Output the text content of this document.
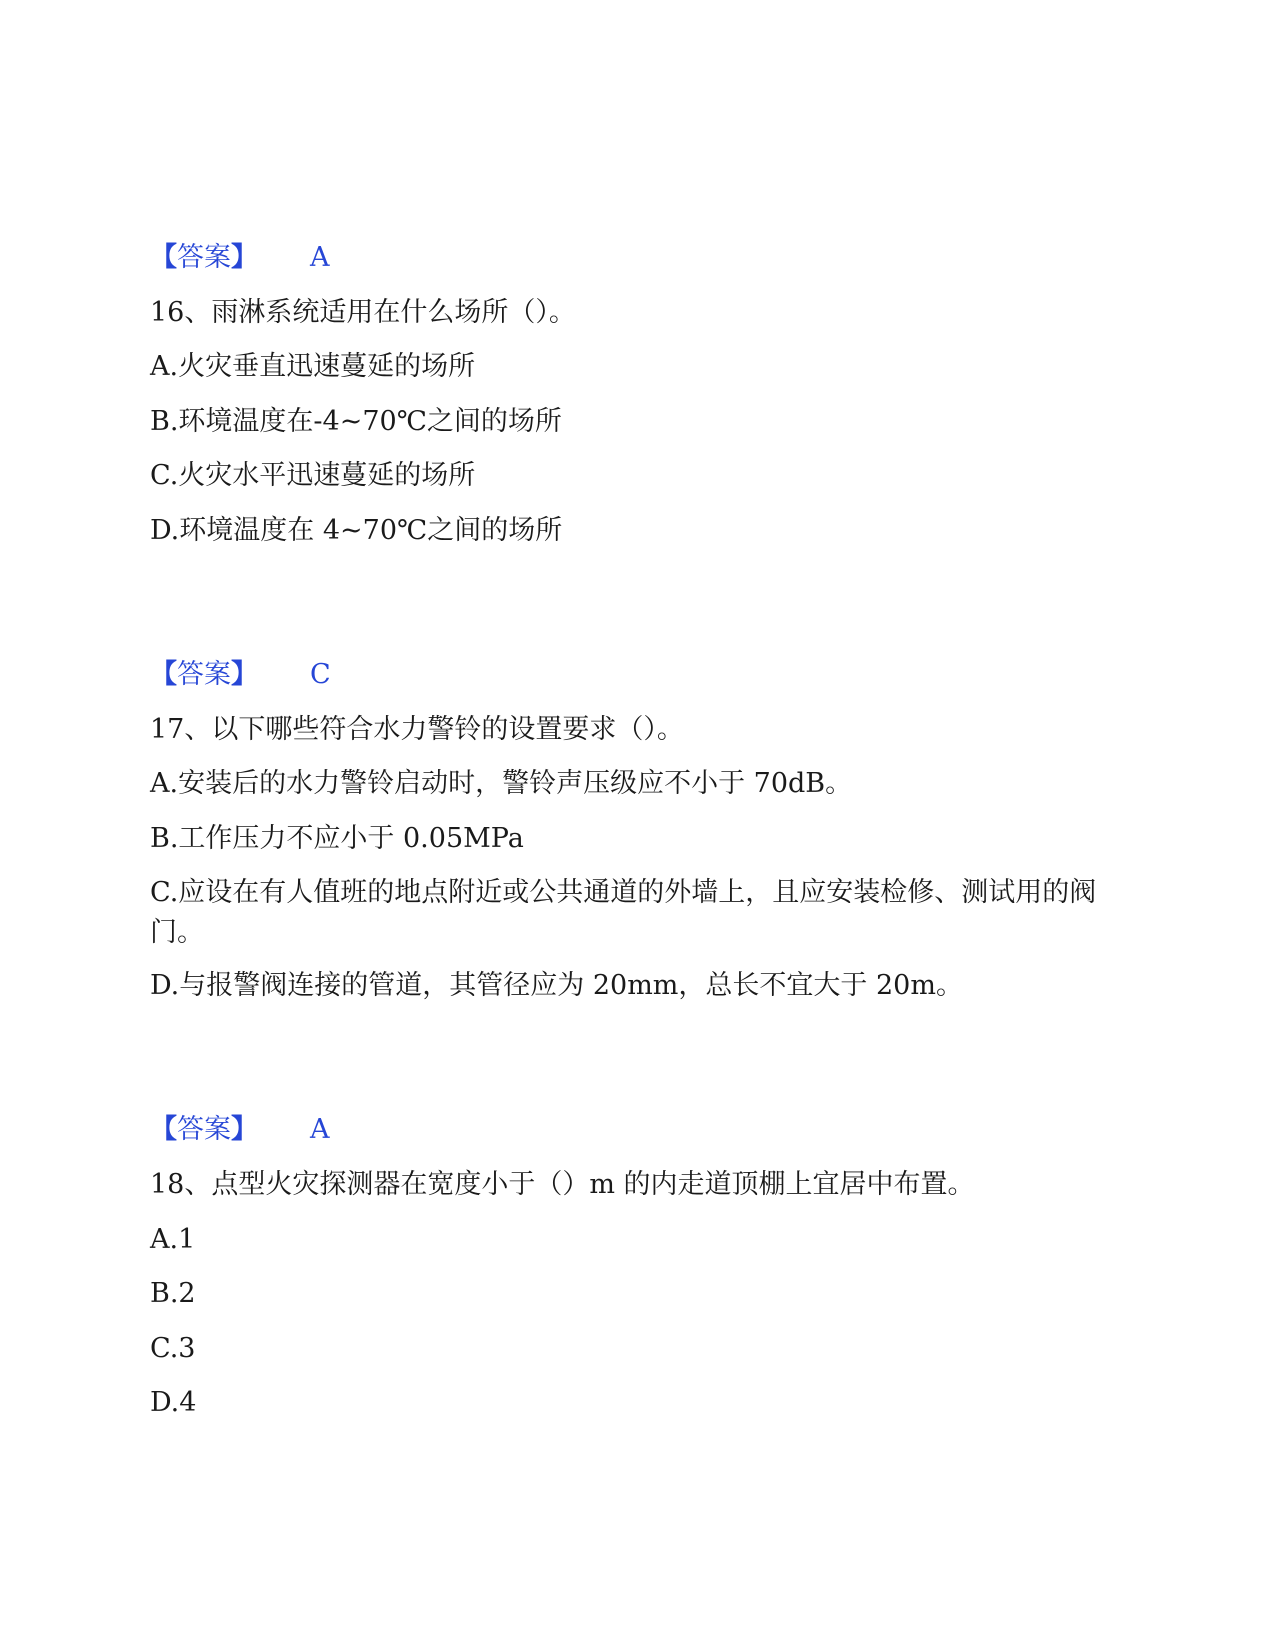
【答案】 A
16、雨淋系统适用在什么场所（）。
A.火灾垂直迅速蔓延的场所
B.环境温度在-4~70℃之间的场所
C.火灾水平迅速蔓延的场所
D.环境温度在 4~70℃之间的场所
【答案】 C
17、以下哪些符合水力警铃的设置要求（）。
A.安装后的水力警铃启动时，警铃声压级应不小于 70dB。
B.工作压力不应小于 0.05MPa
C.应设在有人值班的地点附近或公共通道的外墙上，且应安装检修、测试用的阀门。
D.与报警阀连接的管道，其管径应为 20mm，总长不宜大于 20m。
【答案】 A
18、点型火灾探测器在宽度小于（）m 的内走道顶棚上宜居中布置。
A.1
B.2
C.3
D.4
